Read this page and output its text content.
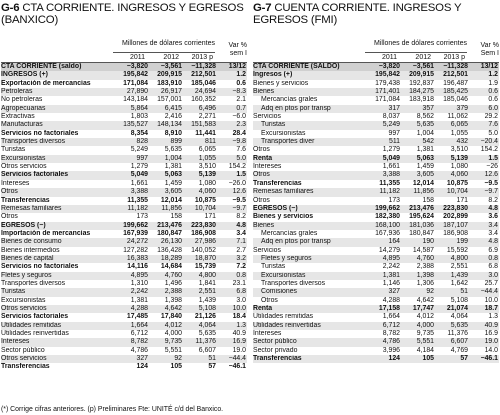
G-6 CTA CORRIENTE. INGRESOS Y EGRESOS
(BANXICO)
Millones de dólares corrientes
2011	2012	2013 p
Var %
sem I
CTA CORRIENTE (saldo)	−3,820	−3,561	−11,328	13/12
INGRESOS (+)	195,842	209,915	212,501	1.2
Exportación de mercancías	171,084	183,910	185,046	0.6
Petroleras	27,890	26,917	24,694	−8.3
No petroleras	143,184	157,001	160,352	2.1
Agropecuarias	5,864	6,415	6,496	0.7
Extractivas	1,803	2,416	2,271	−6.0
Manufacturas	135,527	148,134	151,583	2.3
Servicios no factoriales	8,354	8,910	11,441	28.4
Transportes diversos	828	899	811	−9.8
Turistas	5,249	5,635	6,065	7.6
Excursionistas	997	1,004	1,055	5.0
Otros servicios	1,279	1,381	3,510	154.2
Servicios factoriales	5,049	5,063	5,139	1.5
Intereses	1,661	1,459	1,080	−26.0
Otros	3,388	3,605	4,060	12.6
Transferencias	11,355	12,014	10,875	−9.5
Remesas familiares	11,182	11,856	10,704	−9.7
Otros	173	158	171	8.2
EGRESOS (−)	199,662	213,476	223,830	4.8
Importación de mercancías	167,939	180,847	186,908	3.4
Bienes de consumo	24,272	26,130	27,986	7.1
Bienes intermedios	127,282	136,428	140,052	2.7
Bienes de capital	16,383	18,289	18,870	3.2
Servicios no factoriales	14,116	14,684	15,739	7.2
Fletes y seguros	4,895	4,760	4,800	0.8
Transportes diversos	1,310	1,496	1,841	23.1
Turistas	2,242	2,388	2,551	6.8
Excursionistas	1,381	1,398	1,439	3.0
Otros servicios	4,288	4,642	5,108	10.0
Servicios factoriales	17,485	17,840	21,126	18.4
Utilidades remitidas	1,664	4,012	4,064	1.3
Utilidades reinvertidas	6,712	4,000	5,635	40.9
Intereses	8,782	9,735	11,376	16.9
Sector público	4,786	5,551	6,607	19.0
Otros servicios	327	92	51	−44.4
Transferencias	124	105	57	−46.1
G-7 CUENTA CORRIENTE. INGRESOS Y
EGRESOS (FMI)
Millones de dólares corrientes
2011	2012	2013 p
Var %
Sem I
CTA CORRIENTE (SALDO)	−3,820	−3,561	−11,328	13/12
Ingresos (+)	195,842	209,915	212,501	1.2
Bienes y servicios	179,438	192,837	196,487	1.9
Bienes	171,401	184,275	185,425	0.6
Mercancías grales	171,084	183,918	185,046	0.6
Adq en ptos por transp	317	357	379	6.0
Servicios	8,037	8,562	11,062	29.2
Turistas	5,249	5,635	6,065	7.6
Excursionistas	997	1,004	1,055	5.0
Transportes diver	511	542	432	−20.4
Otros	1,279	1,381	3,510	154.2
Renta	5,049	5,063	5,139	1.5
Intereses	1,661	1,459	1,080	−26
Otros	3,388	3,605	4,060	12.6
Transferencias	11,355	12,014	10,875	−9.5
Remesas familiares	11,182	11,856	10,704	−9.7
Otros	173	158	171	8.2
EGRESOS (−)	199,662	213,476	223,830	4.8
Bienes y servicios	182,380	195,624	202,899	3.6
Bienes	168,100	181,036	187,107	3.4
Mercancías grales	167,936	180,847	186,908	3.4
Adq en ptos por transp	164	190	199	4.8
Servicios	14,279	14,587	15,592	6.9
Fletes y seguros	4,895	4,760	4,800	0.8
Turistas	2,242	2,388	2,551	6.8
Excursionistas	1,381	1,398	1,439	3.0
Transportes diversos	1,146	1,306	1,642	25.7
Comisiones	327	92	51	−44.4
Otros	4,288	4,642	5,108	10.0
Renta	17,158	17,747	21,074	18.7
Utilidades remitidas	1,664	4,012	4,064	1.3
Utilidades reinvertidas	6,712	4,000	5,635	40.9
Intereses	8,782	9,735	11,376	16.9
Sector público	4,786	5,551	6,607	19.0
Sector privado	3,996	4,184	4,769	14.0
Transferencias	124	105	57	−46.1
(*) Corrige cifras anteriores. (p) Preliminares Fte: UNITÉ c/d del Banxico.
